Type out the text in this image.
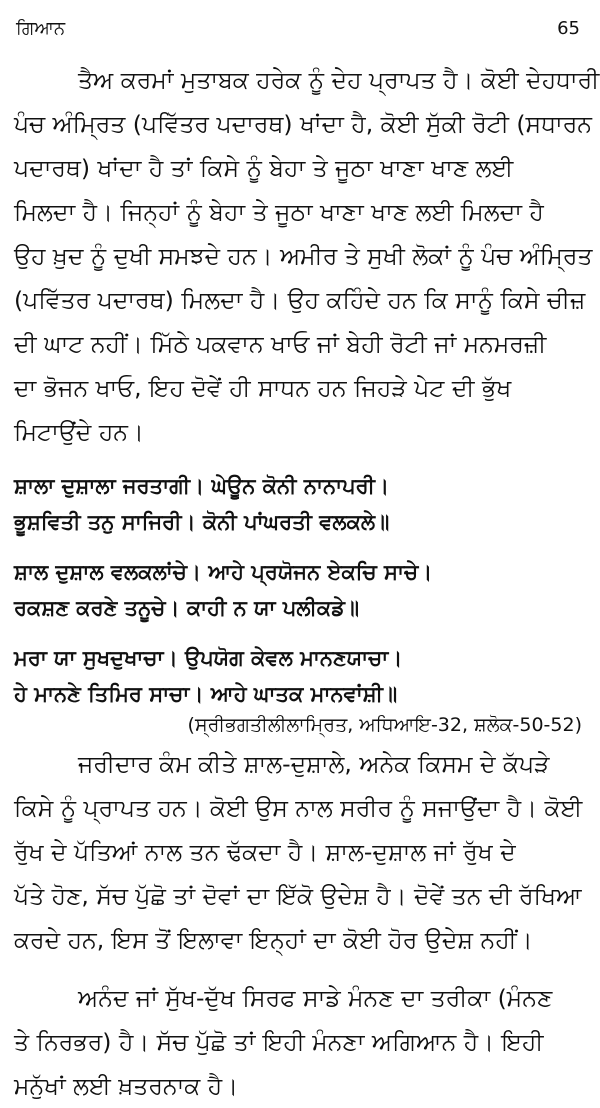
ਗਿਆਨ	65
ਤੈਅ ਕਰਮਾਂ ਮੁਤਾਬਕ ਹਰੇਕ ਨੂੰ ਦੇਹ ਪ੍ਰਾਪਤ ਹੈ। ਕੋਈ ਦੇਹਧਾਰੀ
ਪੰਚ ਅੰਮ੍ਰਿਤ (ਪਵਿੱਤਰ ਪਦਾਰਥ) ਖਾਂਦਾ ਹੈ, ਕੋਈ ਸੁੱਕੀ ਰੋਟੀ (ਸਧਾਰਨ
ਪਦਾਰਥ) ਖਾਂਦਾ ਹੈ ਤਾਂ ਕਿਸੇ ਨੂੰ ਬੇਹਾ ਤੇ ਜੂਠਾ ਖਾਣਾ ਖਾਣ ਲਈ
ਮਿਲਦਾ ਹੈ। ਜਿਨ੍ਹਾਂ ਨੂੰ ਬੇਹਾ ਤੇ ਜੂਠਾ ਖਾਣਾ ਖਾਣ ਲਈ ਮਿਲਦਾ ਹੈ
ਉਹ ਖ਼ੁਦ ਨੂੰ ਦੁਖੀ ਸਮਝਦੇ ਹਨ। ਅਮੀਰ ਤੇ ਸੁਖੀ ਲੋਕਾਂ ਨੂੰ ਪੰਚ ਅੰਮ੍ਰਿਤ
(ਪਵਿੱਤਰ ਪਦਾਰਥ) ਮਿਲਦਾ ਹੈ। ਉਹ ਕਹਿੰਦੇ ਹਨ ਕਿ ਸਾਨੂੰ ਕਿਸੇ ਚੀਜ਼
ਦੀ ਘਾਟ ਨਹੀਂ। ਮਿੱਠੇ ਪਕਵਾਨ ਖਾਓ ਜਾਂ ਬੇਹੀ ਰੋਟੀ ਜਾਂ ਮਨਮਰਜ਼ੀ
ਦਾ ਭੋਜਨ ਖਾਓ, ਇਹ ਦੋਵੇਂ ਹੀ ਸਾਧਨ ਹਨ ਜਿਹੜੇ ਪੇਟ ਦੀ ਭੁੱਖ
ਮਿਟਾਉਂਦੇ ਹਨ।
ਸ਼ਾਲਾ ਦੁਸ਼ਾਲਾ ਜਰਤਾਗੀ। ਘੇਊਨ ਕੋਨੀ ਨਾਨਾਪਰੀ।
ਭੂਸ਼ਵਿਤੀ ਤਨੁ ਸਾਜਿਰੀ। ਕੋਨੀ ਪਾਂਘਰਤੀ ਵਲਕਲੇ॥
ਸ਼ਾਲ ਦੁਸ਼ਾਲ ਵਲਕਲਾਂਚੇ। ਆਹੇ ਪ੍ਰਯੋਜਨ ਏਕਚਿ ਸਾਚੇ।
ਰਕਸ਼ਣ ਕਰਣੇ ਤਨੂਚੇ। ਕਾਹੀ ਨ ਯਾ ਪਲੀਕਡੇ॥
ਮਰਾ ਯਾ ਸੁਖਦੁਖਾਚਾ। ਉਪਯੋਗ ਕੇਵਲ ਮਾਨਣਯਾਚਾ।
ਹੇ ਮਾਨਣੇ ਤਿਮਿਰ ਸਾਚਾ। ਆਹੇ ਘਾਤਕ ਮਾਨਵਾਂਸ਼ੀ॥
(ਸ੍ਰੀਭਗਤੀਲੀਲਾਮ੍ਰਿਤ, ਅਧਿਆਇ-32, ਸ਼ਲੋਕ-50-52)
ਜਰੀਦਾਰ ਕੰਮ ਕੀਤੇ ਸ਼ਾਲ-ਦੁਸ਼ਾਲੇ, ਅਨੇਕ ਕਿਸਮ ਦੇ ਕੱਪੜੇ
ਕਿਸੇ ਨੂੰ ਪ੍ਰਾਪਤ ਹਨ। ਕੋਈ ਉਸ ਨਾਲ ਸਰੀਰ ਨੂੰ ਸਜਾਉਂਦਾ ਹੈ। ਕੋਈ
ਰੁੱਖ ਦੇ ਪੱਤਿਆਂ ਨਾਲ ਤਨ ਢੱਕਦਾ ਹੈ। ਸ਼ਾਲ-ਦੁਸ਼ਾਲ ਜਾਂ ਰੁੱਖ ਦੇ
ਪੱਤੇ ਹੋਣ, ਸੱਚ ਪੁੱਛੋ ਤਾਂ ਦੋਵਾਂ ਦਾ ਇੱਕੋ ਉਦੇਸ਼ ਹੈ। ਦੋਵੇਂ ਤਨ ਦੀ ਰੱਖਿਆ
ਕਰਦੇ ਹਨ, ਇਸ ਤੋਂ ਇਲਾਵਾ ਇਨ੍ਹਾਂ ਦਾ ਕੋਈ ਹੋਰ ਉਦੇਸ਼ ਨਹੀਂ।
ਅਨੰਦ ਜਾਂ ਸੁੱਖ-ਦੁੱਖ ਸਿਰਫ ਸਾਡੇ ਮੰਨਣ ਦਾ ਤਰੀਕਾ (ਮੰਨਣ
ਤੇ ਨਿਰਭਰ) ਹੈ। ਸੱਚ ਪੁੱਛੋ ਤਾਂ ਇਹੀ ਮੰਨਣਾ ਅਗਿਆਨ ਹੈ। ਇਹੀ
ਮਨੁੱਖਾਂ ਲਈ ਖ਼ਤਰਨਾਕ ਹੈ।
